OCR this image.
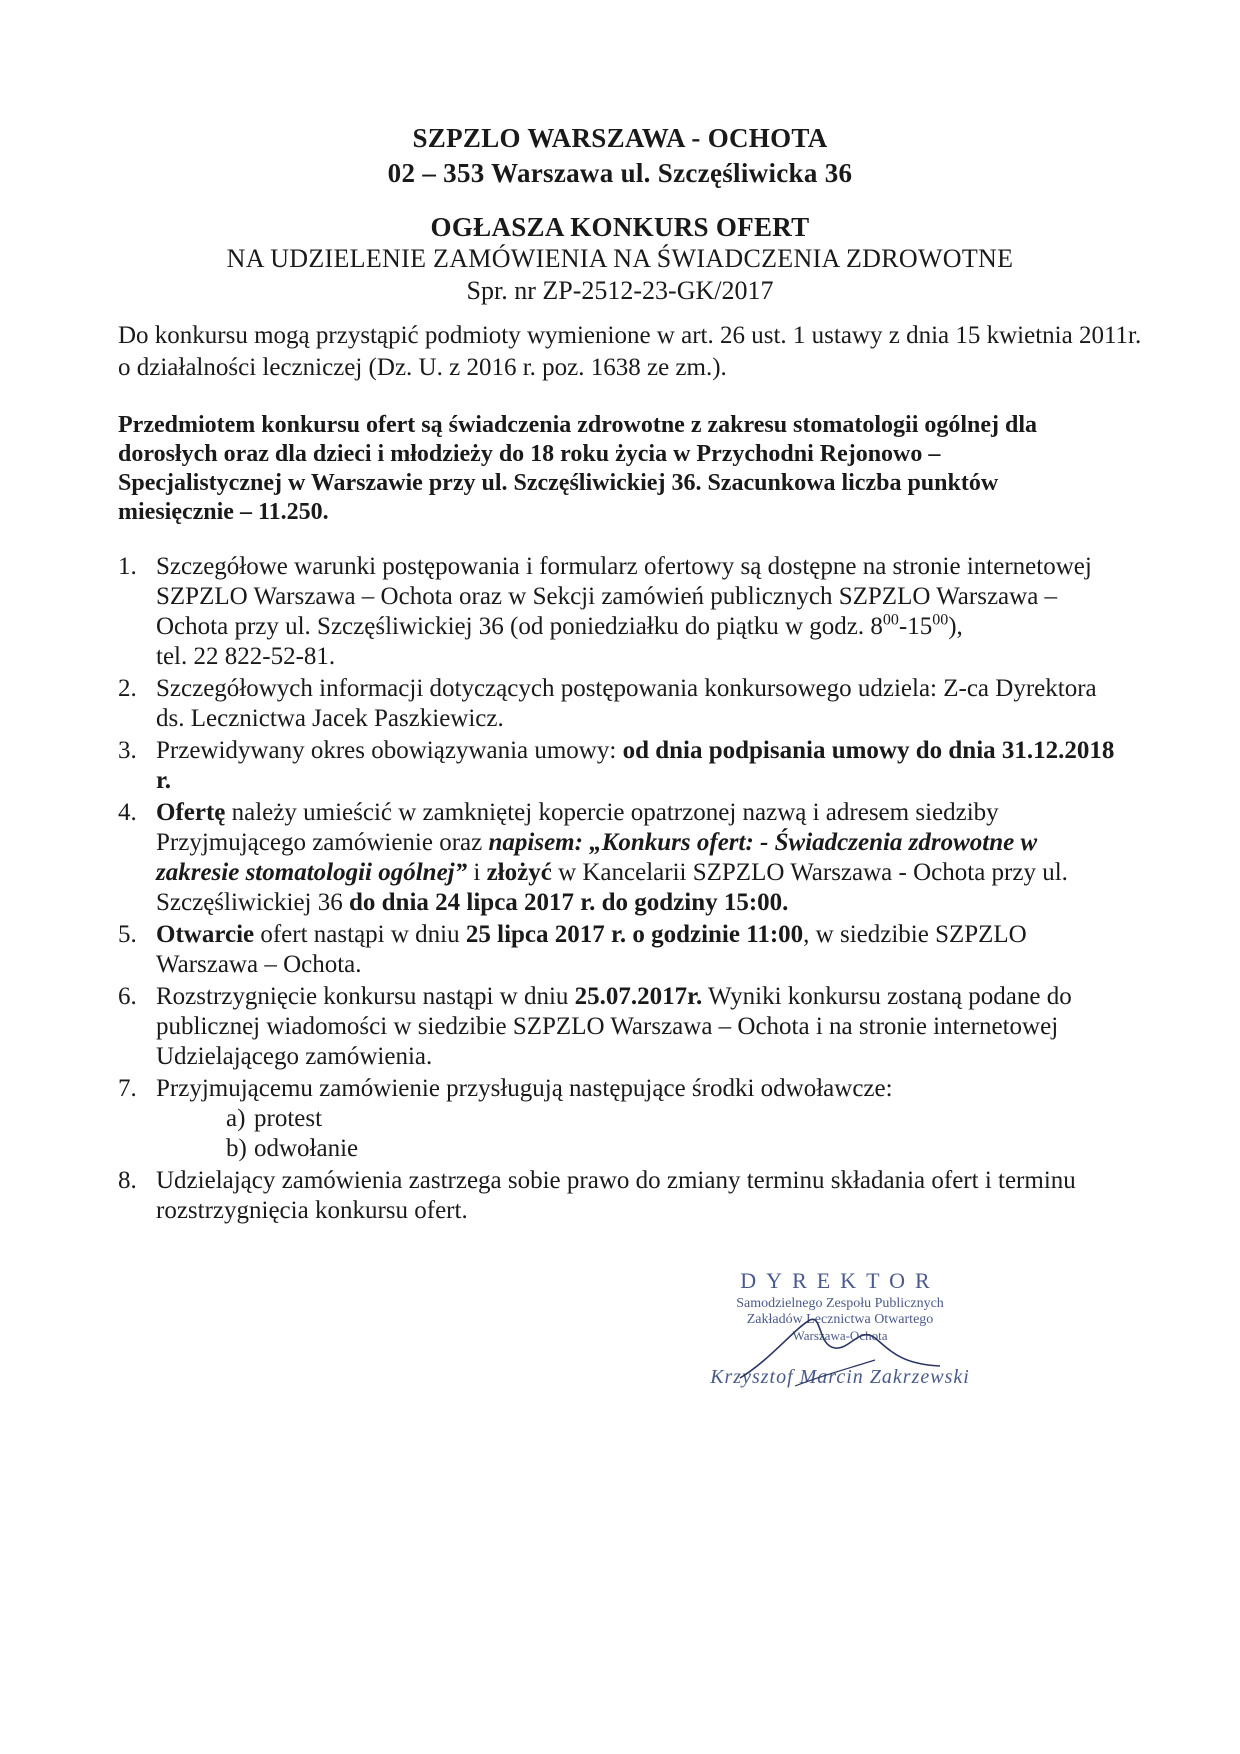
SZPZLO WARSZAWA - OCHOTA
02 – 353 Warszawa ul. Szczęśliwicka 36
OGŁASZA KONKURS OFERT
NA UDZIELENIE ZAMÓWIENIA NA ŚWIADCZENIA ZDROWOTNE
Spr. nr ZP-2512-23-GK/2017
Do konkursu mogą przystąpić podmioty wymienione w art. 26 ust. 1 ustawy z dnia 15 kwietnia 2011r.
o działalności leczniczej (Dz. U. z 2016 r. poz. 1638 ze zm.).
Przedmiotem konkursu ofert są świadczenia zdrowotne z zakresu stomatologii ogólnej dla
dorosłych oraz dla dzieci i młodzieży do 18 roku życia w Przychodni Rejonowo –
Specjalistycznej w Warszawie przy ul. Szczęśliwickiej 36. Szacunkowa liczba punktów
miesięcznie – 11.250.
1. Szczegółowe warunki postępowania i formularz ofertowy są dostępne na stronie internetowej SZPZLO Warszawa – Ochota oraz w Sekcji zamówień publicznych SZPZLO Warszawa – Ochota przy ul. Szczęśliwickiej 36 (od poniedziałku do piątku w godz. $8^{00}-15^{00}$),
tel. 22 822-52-81.
2. Szczegółowych informacji dotyczących postępowania konkursowego udziela: Z-ca Dyrektora ds. Lecznictwa Jacek Paszkiewicz.
3. Przewidywany okres obowiązywania umowy: od dnia podpisania umowy do dnia 31.12.2018 r.
4. Ofertę należy umieścić w zamkniętej kopercie opatrzonej nazwą i adresem siedziby Przyjmującego zamówienie oraz napisem: „Konkurs ofert: - Świadczenia zdrowotne w zakresie stomatologii ogólnej” i złożyć w Kancelarii SZPZLO Warszawa - Ochota przy ul. Szczęśliwickiej 36 do dnia 24 lipca 2017 r. do godziny 15:00.
5. Otwarcie ofert nastąpi w dniu 25 lipca 2017 r. o godzinie 11:00, w siedzibie SZPZLO Warszawa – Ochota.
6. Rozstrzygnięcie konkursu nastąpi w dniu 25.07.2017r. Wyniki konkursu zostaną podane do publicznej wiadomości w siedzibie SZPZLO Warszawa – Ochota i na stronie internetowej Udzielającego zamówienia.
7. Przyjmującemu zamówienie przysługują następujące środki odwoławcze:
a) protest
b) odwołanie
8. Udzielający zamówienia zastrzega sobie prawo do zmiany terminu składania ofert i terminu rozstrzygnięcia konkursu ofert.
DYREKTOR
Samodzielnego Zespołu Publicznych
Zakładów Lecznictwa Otwartego
Warszawa-Ochota
Krzysztof Marcin Zakrzewski
